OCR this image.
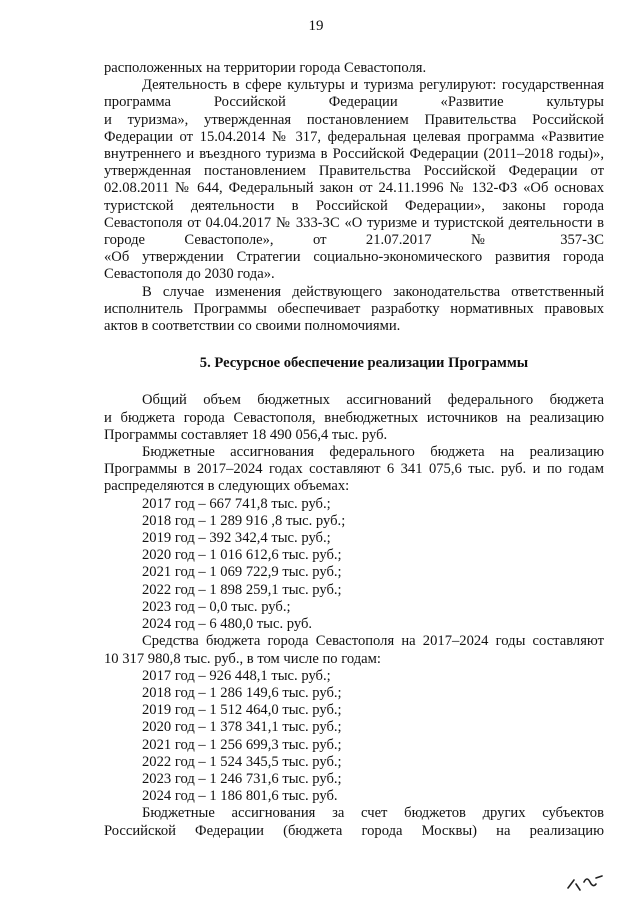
19

расположенных на территории города Севастополя.

Деятельность в сфере культуры и туризма регулируют: государственная

программа Российской Федерации «Развитие культуры

и туризма», утвержденная постановлением Правительства Российской

Федерации от 15.04.2014 № 317, федеральная целевая программа «Развитие

внутреннего и въездного туризма в Российской Федерации (2011–2018 годы)»,

утвержденная постановлением Правительства Российской Федерации от

02.08.2011 № 644, Федеральный закон от 24.11.1996 № 132-ФЗ «Об основах

туристской деятельности в Российской Федерации», законы города

Севастополя от 04.04.2017 № 333-ЗС «О туризме и туристской деятельности в

городе Севастополе», от 21.07.2017 № 357-ЗС

«Об утверждении Стратегии социально-экономического развития города

Севастополя до 2030 года».

В случае изменения действующего законодательства ответственный

исполнитель Программы обеспечивает разработку нормативных правовых

актов в соответствии со своими полномочиями.

5. Ресурсное обеспечение реализации Программы

Общий объем бюджетных ассигнований федерального бюджета

и бюджета города Севастополя, внебюджетных источников на реализацию

Программы составляет 18 490 056,4 тыс. руб.

Бюджетные ассигнования федерального бюджета на реализацию

Программы в 2017–2024 годах составляют 6 341 075,6 тыс. руб. и по годам

распределяются в следующих объемах:

2017 год – 667 741,8 тыс. руб.;

2018 год – 1 289 916 ,8 тыс. руб.;

2019 год – 392 342,4 тыс. руб.;

2020 год – 1 016 612,6 тыс. руб.;

2021 год – 1 069 722,9 тыс. руб.;

2022 год – 1 898 259,1 тыс. руб.;

2023 год – 0,0 тыс. руб.;

2024 год – 6 480,0 тыс. руб.

Средства бюджета города Севастополя на 2017–2024 годы составляют

10 317 980,8 тыс. руб., в том числе по годам:

2017 год – 926 448,1 тыс. руб.;

2018 год – 1 286 149,6 тыс. руб.;

2019 год – 1 512 464,0 тыс. руб.;

2020 год – 1 378 341,1 тыс. руб.;

2021 год – 1 256 699,3 тыс. руб.;

2022 год – 1 524 345,5 тыс. руб.;

2023 год – 1 246 731,6 тыс. руб.;

2024 год – 1 186 801,6 тыс. руб.

Бюджетные ассигнования за счет бюджетов других субъектов

Российской Федерации (бюджета города Москвы) на реализацию
